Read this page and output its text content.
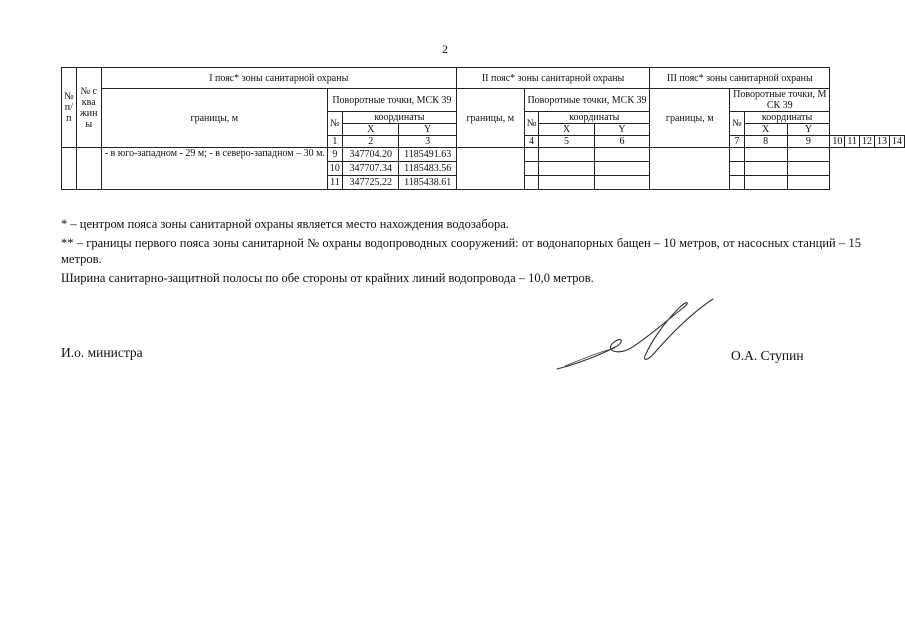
2
№ п/п	№ скважины	I пояс* зоны санитарной охраны				II пояс* зоны санитарной охраны				III пояс* зоны санитарной охраны								
		границы, м	Поворотные точки, МСК 39			границы, м	Поворотные точки, МСК 39			границы, м	Поворотные точки, МСК 39							
			№	координаты			№	координаты			№	координаты						
				X	Y			X	Y			X	Y					
			1	2	3		4	5	6		7	8	9	10	11	12	13	14
		- в юго-западном - 29 м; - в северо-западном – 30 м.	9	347704.20	1185491.63													
			10	347707.34	1185483.56													
			11	347725.22	1185438.61													

* – центром пояса зоны санитарной охраны является место нахождения водозабора.

** – границы первого пояса зоны санитарной № охраны водопроводных сооружений: от водонапорных бащен – 10 метров, от насосных станций – 15 метров.

Ширина санитарно-защитной полосы по обе стороны от крайних линий водопровода – 10,0 метров.

И.о. министра	О.А. Ступин
